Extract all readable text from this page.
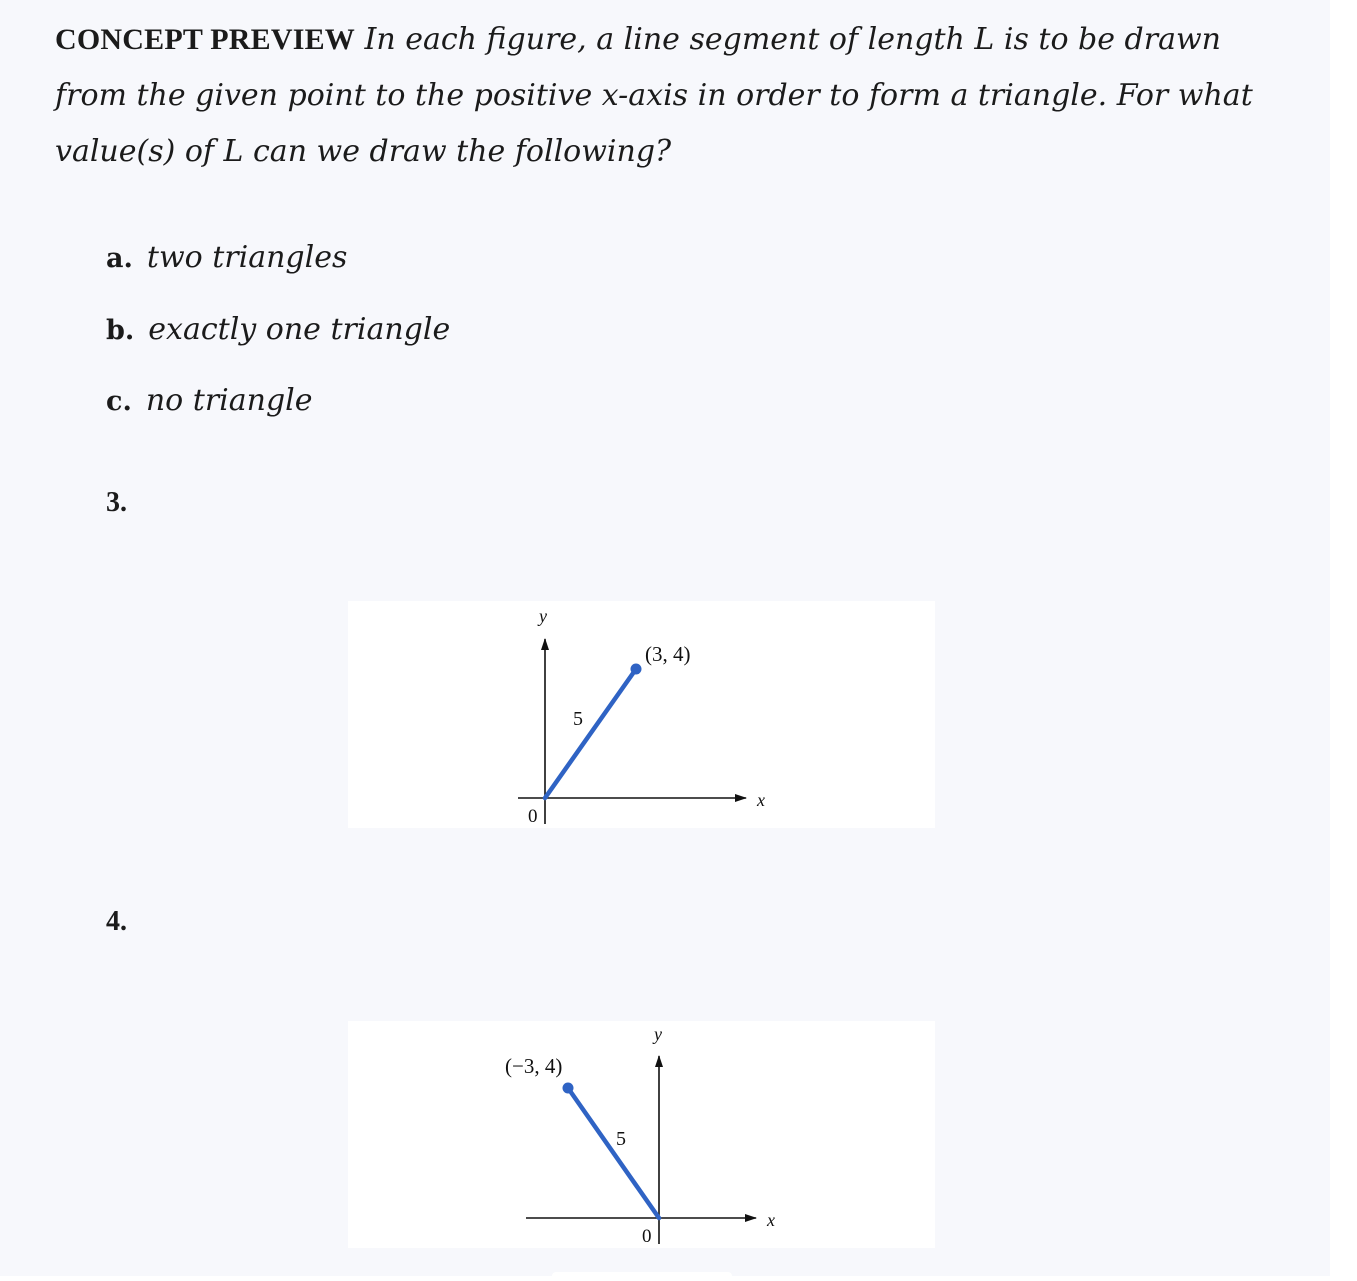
CONCEPT PREVIEW In each figure, a line segment of length L is to be drawn from the given point to the positive x-axis in order to form a triangle. For what value(s) of L can we draw the following?
a. two triangles
b. exactly one triangle
c. no triangle
3.
(3, 4)
5
0
x
y
4.
(−3, 4)
5
0
x
y
